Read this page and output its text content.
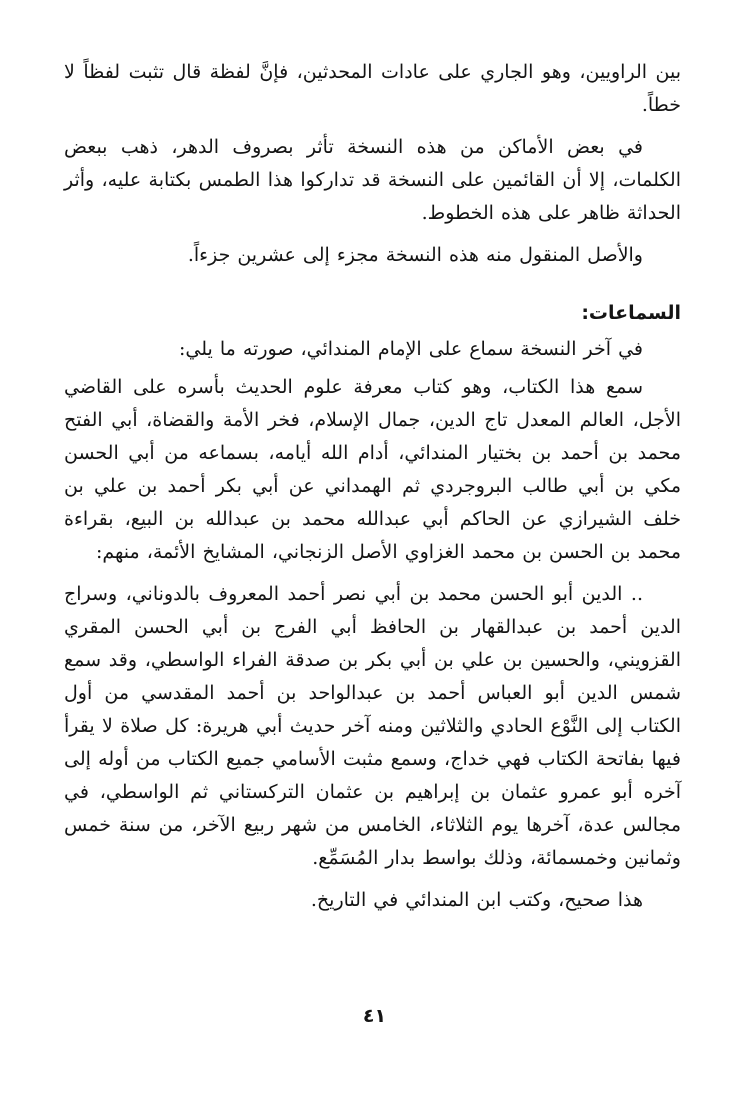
بين الراويين، وهو الجاري على عادات المحدثين، فإنَّ لفظة قال تثبت لفظاً لا خطاً.

في بعض الأماكن من هذه النسخة تأثر بصروف الدهر، ذهب ببعض الكلمات، إلا أن القائمين على النسخة قد تداركوا هذا الطمس بكتابة عليه، وأثر الحداثة ظاهر على هذه الخطوط.

والأصل المنقول منه هذه النسخة مجزء إلى عشرين جزءاً.

السماعات:

في آخر النسخة سماع على الإمام المندائي، صورته ما يلي:

سمع هذا الكتاب، وهو كتاب معرفة علوم الحديث بأسره على القاضي الأجل، العالم المعدل تاج الدين، جمال الإسلام، فخر الأمة والقضاة، أبي الفتح محمد بن أحمد بن بختيار المندائي، أدام الله أيامه، بسماعه من أبي الحسن مكي بن أبي طالب البروجردي ثم الهمداني عن أبي بكر أحمد بن علي بن خلف الشيرازي عن الحاكم أبي عبدالله محمد بن عبدالله بن البيع، بقراءة محمد بن الحسن بن محمد الغزاوي الأصل الزنجاني، المشايخ الأئمة، منهم:

.. الدين أبو الحسن محمد بن أبي نصر أحمد المعروف بالدوناني، وسراج الدين أحمد بن عبدالقهار بن الحافظ أبي الفرج بن أبي الحسن المقري القزويني، والحسين بن علي بن أبي بكر بن صدقة الفراء الواسطي، وقد سمع شمس الدين أبو العباس أحمد بن عبدالواحد بن أحمد المقدسي من أول الكتاب إلى النَّوْع الحادي والثلاثين ومنه آخر حديث أبي هريرة: كل صلاة لا يقرأ فيها بفاتحة الكتاب فهي خداج، وسمع مثبت الأسامي جميع الكتاب من أوله إلى آخره أبو عمرو عثمان بن إبراهيم بن عثمان التركستاني ثم الواسطي، في مجالس عدة، آخرها يوم الثلاثاء، الخامس من شهر ربيع الآخر، من سنة خمس وثمانين وخمسمائة، وذلك بواسط بدار المُسَمِّع.

هذا صحيح، وكتب ابن المندائي في التاريخ.

٤١
